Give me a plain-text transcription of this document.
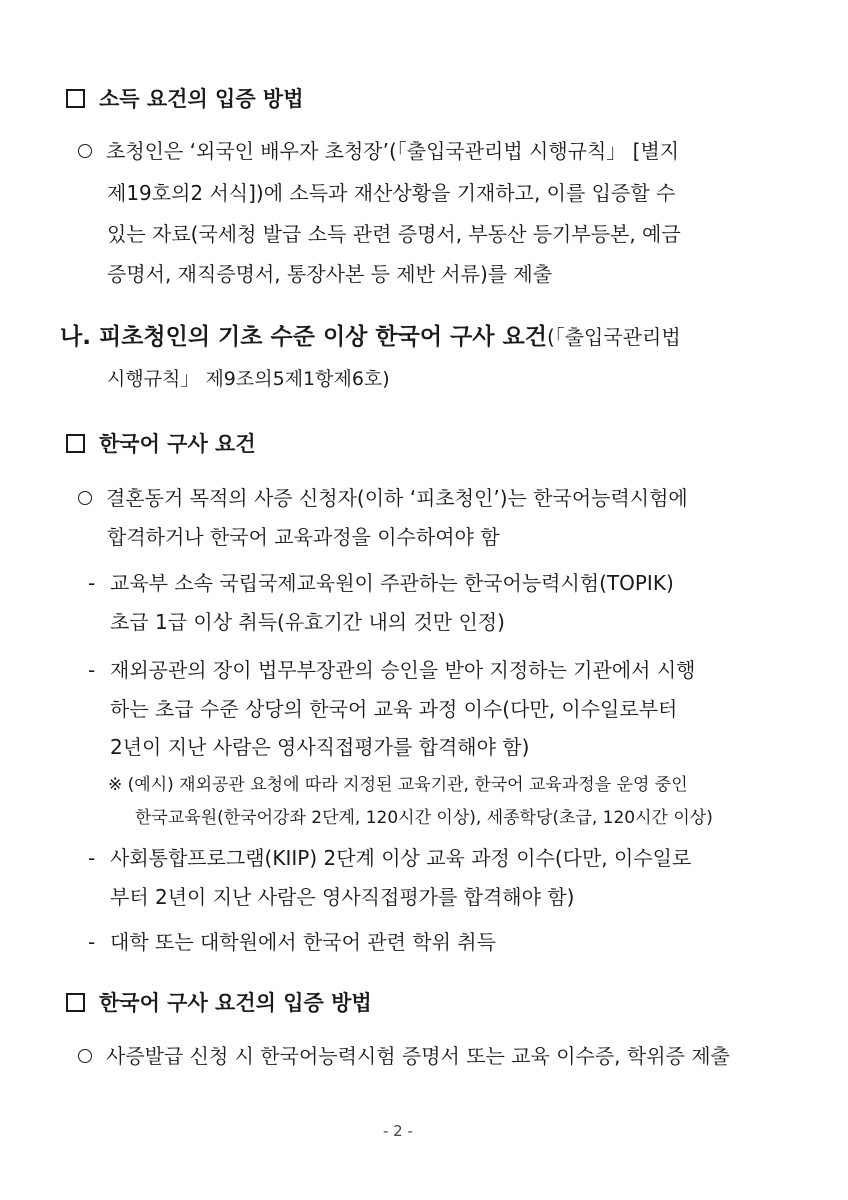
소득 요건의 입증 방법
초청인은 ‘외국인 배우자 초청장’(「출입국관리법 시행규칙」 [별지
제19호의2 서식])에 소득과 재산상황을 기재하고, 이를 입증할 수
있는 자료(국세청 발급 소득 관련 증명서, 부동산 등기부등본, 예금
증명서, 재직증명서, 통장사본 등 제반 서류)를 제출
나. 피초청인의 기초 수준 이상 한국어 구사 요건(「출입국관리법
시행규칙」 제9조의5제1항제6호)
한국어 구사 요건
결혼동거 목적의 사증 신청자(이하 ‘피초청인’)는 한국어능력시험에
합격하거나 한국어 교육과정을 이수하여야 함
- 교육부 소속 국립국제교육원이 주관하는 한국어능력시험(TOPIK)
초급 1급 이상 취득(유효기간 내의 것만 인정)
- 재외공관의 장이 법무부장관의 승인을 받아 지정하는 기관에서 시행
하는 초급 수준 상당의 한국어 교육 과정 이수(다만, 이수일로부터
2년이 지난 사람은 영사직접평가를 합격해야 함)
※ (예시) 재외공관 요청에 따라 지정된 교육기관, 한국어 교육과정을 운영 중인
한국교육원(한국어강좌 2단계, 120시간 이상), 세종학당(초급, 120시간 이상)
- 사회통합프로그램(KIIP) 2단계 이상 교육 과정 이수(다만, 이수일로
부터 2년이 지난 사람은 영사직접평가를 합격해야 함)
- 대학 또는 대학원에서 한국어 관련 학위 취득
한국어 구사 요건의 입증 방법
사증발급 신청 시 한국어능력시험 증명서 또는 교육 이수증, 학위증 제출
- 2 -
